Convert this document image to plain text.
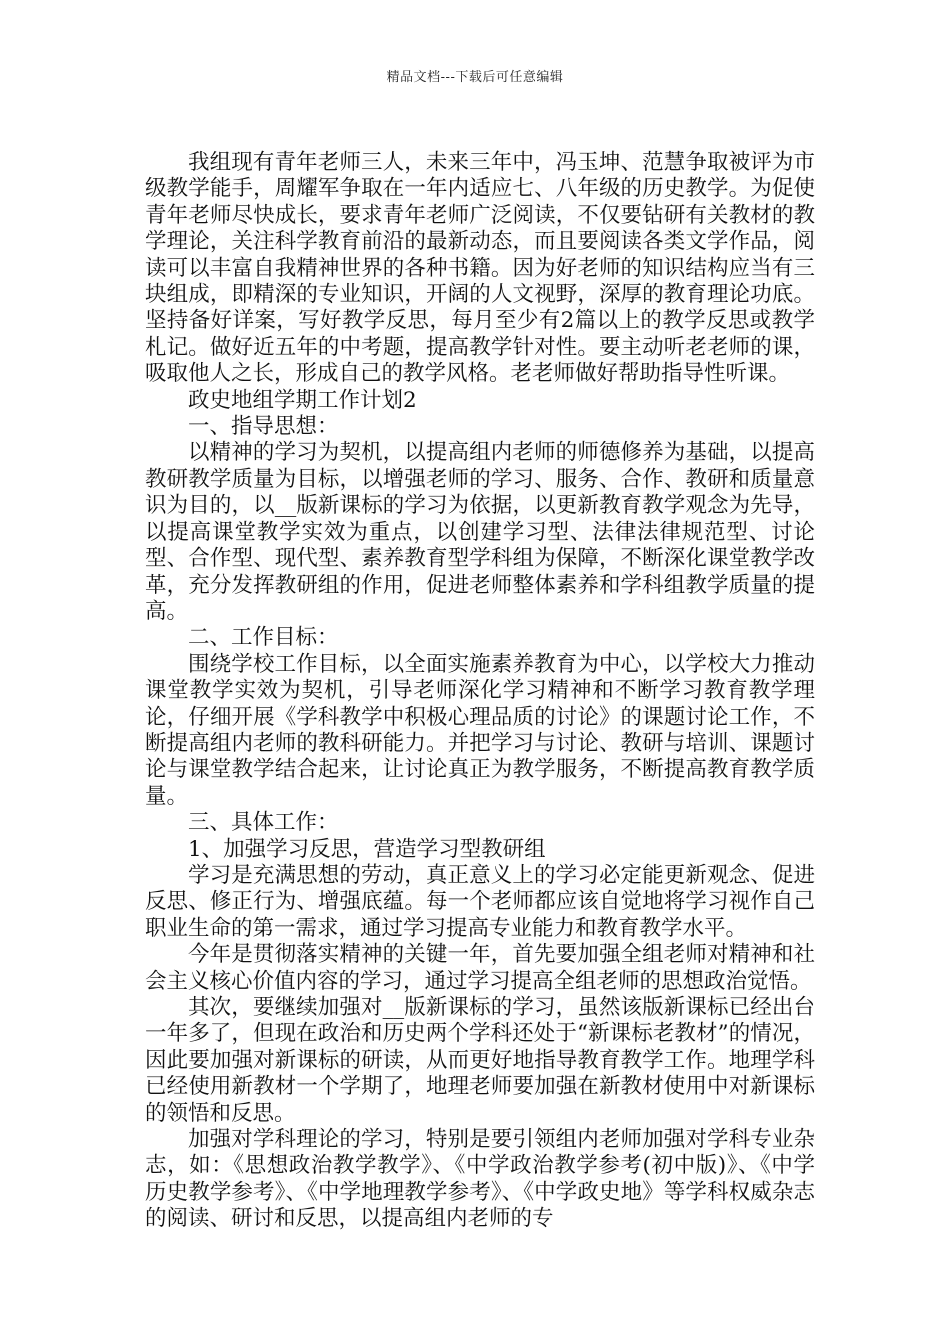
精品文档---下载后可任意编辑

我组现有青年老师三人，未来三年中，冯玉坤、范慧争取被评为市级教学能手，周耀军争取在一年内适应七、八年级的历史教学。为促使青年老师尽快成长，要求青年老师广泛阅读，不仅要钻研有关教材的教学理论，关注科学教育前沿的最新动态，而且要阅读各类文学作品，阅读可以丰富自我精神世界的各种书籍。因为好老师的知识结构应当有三块组成，即精深的专业知识，开阔的人文视野，深厚的教育理论功底。坚持备好详案，写好教学反思，每月至少有2篇以上的教学反思或教学札记。做好近五年的中考题，提高教学针对性。要主动听老老师的课，吸取他人之长，形成自己的教学风格。老老师做好帮助指导性听课。

政史地组学期工作计划2

一、指导思想：

以精神的学习为契机，以提高组内老师的师德修养为基础，以提高教研教学质量为目标，以增强老师的学习、服务、合作、教研和质量意识为目的，以__版新课标的学习为依据，以更新教育教学观念为先导，以提高课堂教学实效为重点，以创建学习型、法律法律规范型、讨论型、合作型、现代型、素养教育型学科组为保障，不断深化课堂教学改革，充分发挥教研组的作用，促进老师整体素养和学科组教学质量的提高。

二、工作目标：

围绕学校工作目标，以全面实施素养教育为中心，以学校大力推动课堂教学实效为契机，引导老师深化学习精神和不断学习教育教学理论，仔细开展《学科教学中积极心理品质的讨论》的课题讨论工作，不断提高组内老师的教科研能力。并把学习与讨论、教研与培训、课题讨论与课堂教学结合起来，让讨论真正为教学服务，不断提高教育教学质量。

三、具体工作：

1、加强学习反思，营造学习型教研组

学习是充满思想的劳动，真正意义上的学习必定能更新观念、促进反思、修正行为、增强底蕴。每一个老师都应该自觉地将学习视作自己职业生命的第一需求，通过学习提高专业能力和教育教学水平。

今年是贯彻落实精神的关键一年，首先要加强全组老师对精神和社会主义核心价值内容的学习，通过学习提高全组老师的思想政治觉悟。

其次，要继续加强对__版新课标的学习，虽然该版新课标已经出台一年多了，但现在政治和历史两个学科还处于“新课标老教材”的情况，因此要加强对新课标的研读，从而更好地指导教育教学工作。地理学科已经使用新教材一个学期了，地理老师要加强在新教材使用中对新课标的领悟和反思。

加强对学科理论的学习，特别是要引领组内老师加强对学科专业杂志，如：《思想政治教学教学》、《中学政治教学参考(初中版)》、《中学历史教学参考》、《中学地理教学参考》、《中学政史地》等学科权威杂志的阅读、研讨和反思，以提高组内老师的专
